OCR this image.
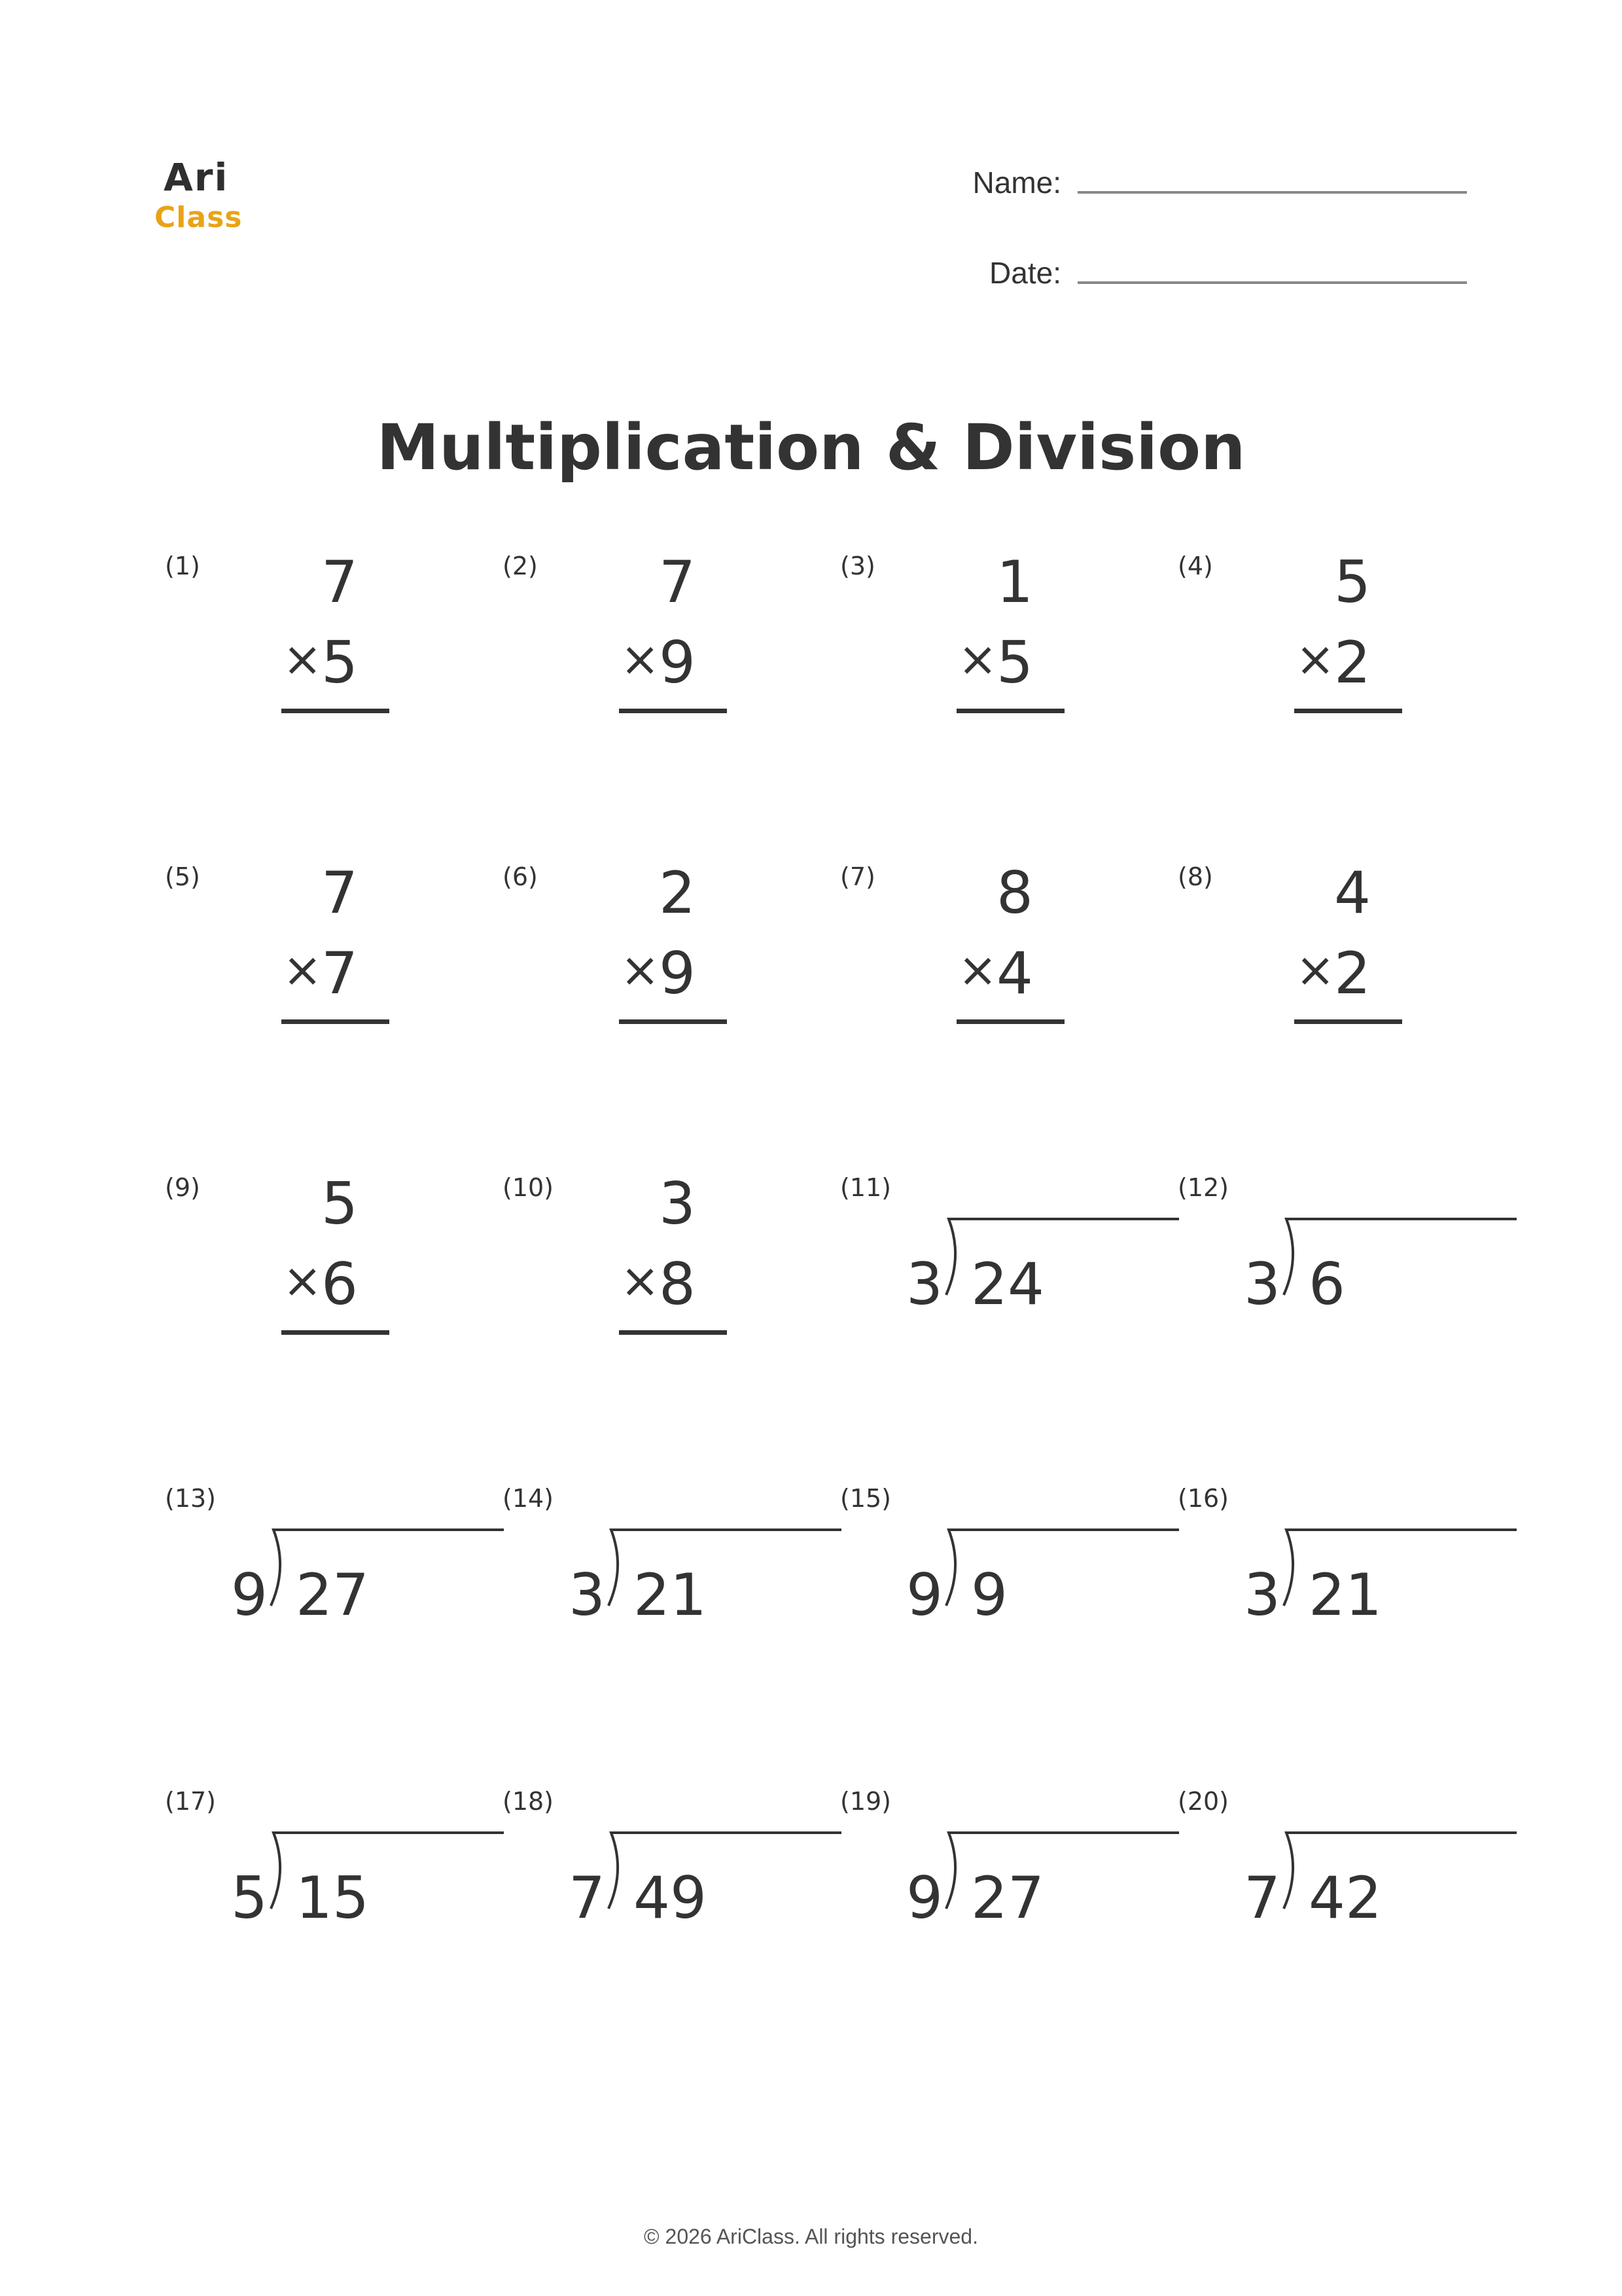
Ari
Class
Name:
Date:
Multiplication & Division
(1) 7
×
5
(2) 7
×
9
(3) 1
×
5
(4) 5
×
2
(5) 7
×
7
(6) 2
×
9
(7) 8
×
4
(8) 4
×
2
(9) 5
×
6
(10) 3
×
8
(11)
3 24
(12)
3 6
(13)
9 27
(14)
3 21
(15)
9 9
(16)
3 21
(17)
5 15
(18)
7 49
(19)
9 27
(20)
7 42
© 2026 AriClass. All rights reserved.
